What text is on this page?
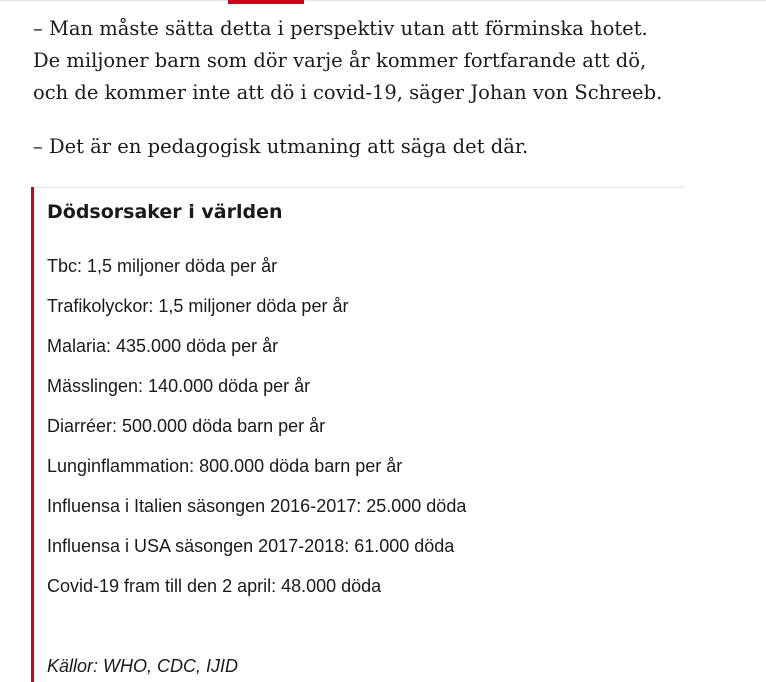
– Man måste sätta detta i perspektiv utan att förminska hotet.
De miljoner barn som dör varje år kommer fortfarande att dö,
och de kommer inte att dö i covid-19, säger Johan von Schreeb.

– Det är en pedagogisk utmaning att säga det där.

Dödsorsaker i världen
Tbc: 1,5 miljoner döda per år
Trafikolyckor: 1,5 miljoner döda per år
Malaria: 435.000 döda per år
Mässlingen: 140.000 döda per år
Diarréer: 500.000 döda barn per år
Lunginflammation: 800.000 döda barn per år
Influensa i Italien säsongen 2016-2017: 25.000 döda
Influensa i USA säsongen 2017-2018: 61.000 döda
Covid-19 fram till den 2 april: 48.000 döda

Källor: WHO, CDC, IJID
